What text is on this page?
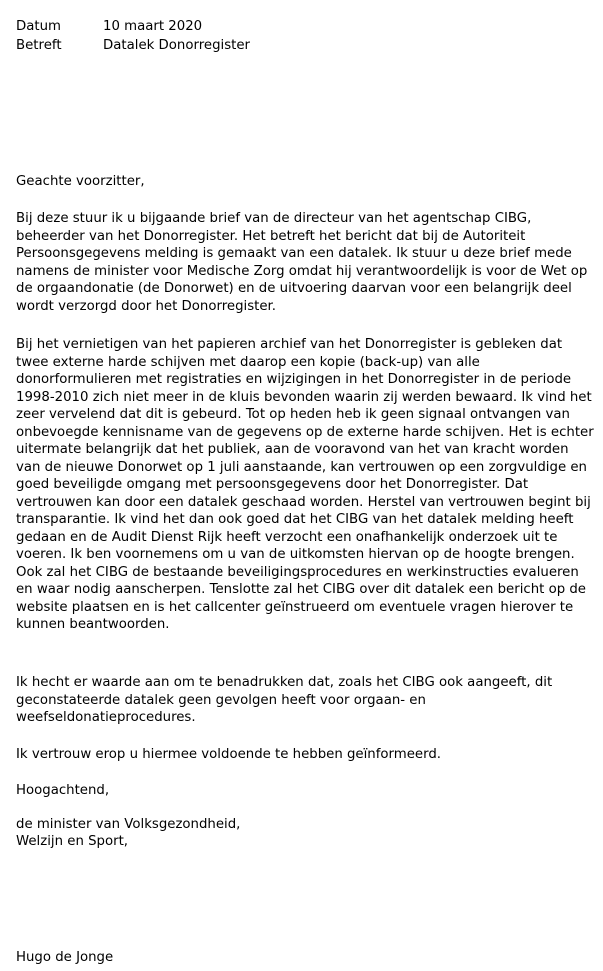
Datum	10 maart 2020
Betreft	Datalek Donorregister
Geachte voorzitter,

Bij deze stuur ik u bijgaande brief van de directeur van het agentschap CIBG, beheerder van het Donorregister. Het betreft het bericht dat bij de Autoriteit Persoonsgegevens melding is gemaakt van een datalek. Ik stuur u deze brief mede namens de minister voor Medische Zorg omdat hij verantwoordelijk is voor de Wet op de orgaandonatie (de Donorwet) en de uitvoering daarvan voor een belangrijk deel wordt verzorgd door het Donorregister.

Bij het vernietigen van het papieren archief van het Donorregister is gebleken dat twee externe harde schijven met daarop een kopie (back-up) van alle donorformulieren met registraties en wijzigingen in het Donorregister in de periode 1998-2010 zich niet meer in de kluis bevonden waarin zij werden bewaard. Ik vind het zeer vervelend dat dit is gebeurd. Tot op heden heb ik geen signaal ontvangen van onbevoegde kennisname van de gegevens op de externe harde schijven. Het is echter uitermate belangrijk dat het publiek, aan de vooravond van het van kracht worden van de nieuwe Donorwet op 1 juli aanstaande, kan vertrouwen op een zorgvuldige en goed beveiligde omgang met persoonsgegevens door het Donorregister. Dat vertrouwen kan door een datalek geschaad worden. Herstel van vertrouwen begint bij transparantie. Ik vind het dan ook goed dat het CIBG van het datalek melding heeft gedaan en de Audit Dienst Rijk heeft verzocht een onafhankelijk onderzoek uit te voeren. Ik ben voornemens om u van de uitkomsten hiervan op de hoogte brengen. Ook zal het CIBG de bestaande beveiligingsprocedures en werkinstructies evalueren en waar nodig aanscherpen. Tenslotte zal het CIBG over dit datalek een bericht op de website plaatsen en is het callcenter geïnstrueerd om eventuele vragen hierover te kunnen beantwoorden.

Ik hecht er waarde aan om te benadrukken dat, zoals het CIBG ook aangeeft, dit geconstateerde datalek geen gevolgen heeft voor orgaan- en weefseldonatieprocedures.

Ik vertrouw erop u hiermee voldoende te hebben geïnformeerd.

Hoogachtend,
de minister van Volksgezondheid,
Welzijn en Sport,
Hugo de Jonge
